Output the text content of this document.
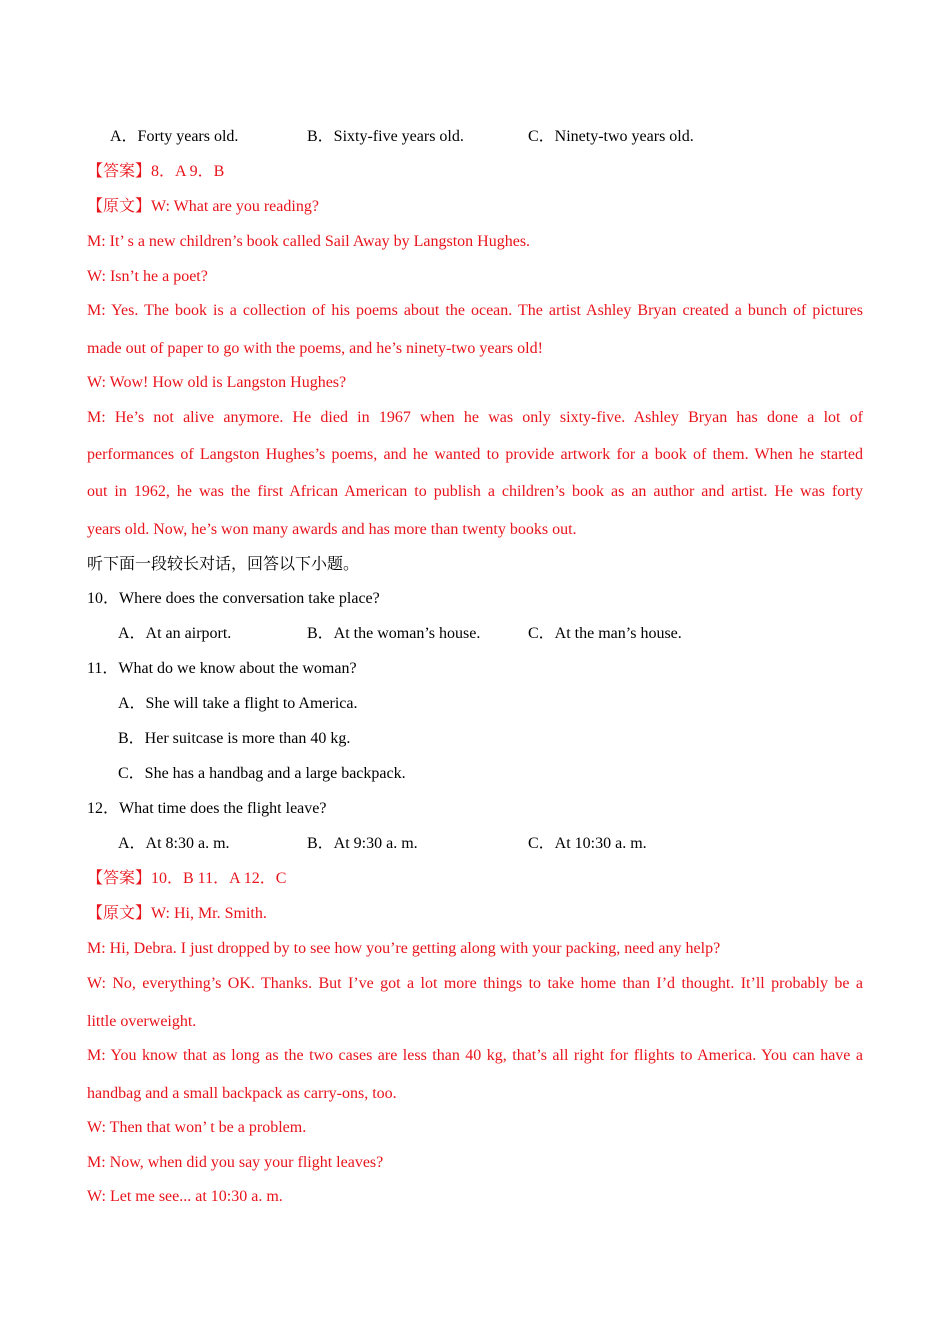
A．Forty years old.	B．Sixty-five years old.	C．Ninety-two years old.
【答案】8．A 9．B
【原文】W: What are you reading?
M: It’ s a new children’s book called Sail Away by Langston Hughes.
W: Isn’t he a poet?
M: Yes. The book is a collection of his poems about the ocean. The artist Ashley Bryan created a bunch of pictures
made out of paper to go with the poems, and he’s ninety-two years old!
W: Wow! How old is Langston Hughes?
M: He’s not alive anymore. He died in 1967 when he was only sixty-five. Ashley Bryan has done a lot of
performances of Langston Hughes’s poems, and he wanted to provide artwork for a book of them. When he started
out in 1962, he was the first African American to publish a children’s book as an author and artist. He was forty
years old. Now, he’s won many awards and has more than twenty books out.
听下面一段较长对话，回答以下小题。
10．Where does the conversation take place?
A．At an airport.	B．At the woman’s house.	C．At the man’s house.
11．What do we know about the woman?
A．She will take a flight to America.
B．Her suitcase is more than 40 kg.
C．She has a handbag and a large backpack.
12．What time does the flight leave?
A．At 8:30 a. m.	B．At 9:30 a. m.	C．At 10:30 a. m.
【答案】10．B 11．A 12．C
【原文】W: Hi, Mr. Smith.
M: Hi, Debra. I just dropped by to see how you’re getting along with your packing, need any help?
W: No, everything’s OK. Thanks. But I’ve got a lot more things to take home than I’d thought. It’ll probably be a
little overweight.
M: You know that as long as the two cases are less than 40 kg, that’s all right for flights to America. You can have a
handbag and a small backpack as carry-ons, too.
W: Then that won’ t be a problem.
M: Now, when did you say your flight leaves?
W: Let me see... at 10:30 a. m.
